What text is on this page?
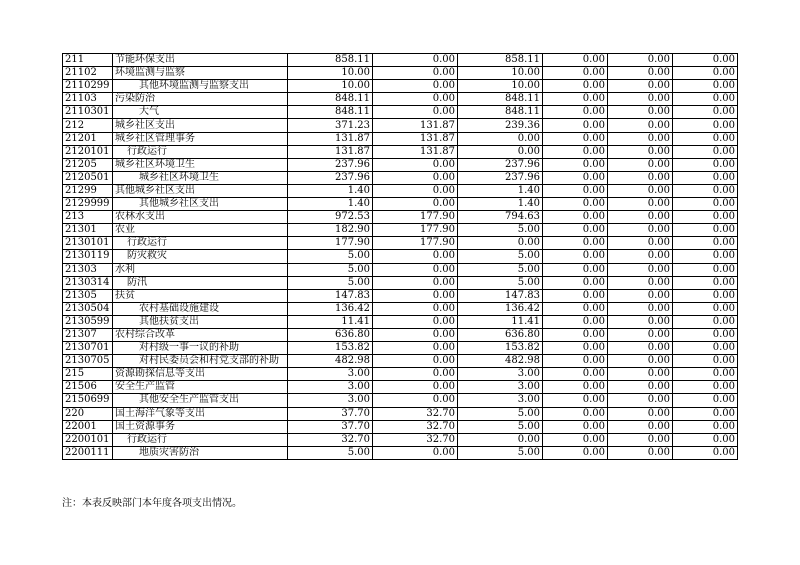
211	节能环保支出	858.11	0.00	858.11	0.00	0.00	0.00
21102	环境监测与监察	10.00	0.00	10.00	0.00	0.00	0.00
2110299	其他环境监测与监察支出	10.00	0.00	10.00	0.00	0.00	0.00
21103	污染防治	848.11	0.00	848.11	0.00	0.00	0.00
2110301	大气	848.11	0.00	848.11	0.00	0.00	0.00
212	城乡社区支出	371.23	131.87	239.36	0.00	0.00	0.00
21201	城乡社区管理事务	131.87	131.87	0.00	0.00	0.00	0.00
2120101	行政运行	131.87	131.87	0.00	0.00	0.00	0.00
21205	城乡社区环境卫生	237.96	0.00	237.96	0.00	0.00	0.00
2120501	城乡社区环境卫生	237.96	0.00	237.96	0.00	0.00	0.00
21299	其他城乡社区支出	1.40	0.00	1.40	0.00	0.00	0.00
2129999	其他城乡社区支出	1.40	0.00	1.40	0.00	0.00	0.00
213	农林水支出	972.53	177.90	794.63	0.00	0.00	0.00
21301	农业	182.90	177.90	5.00	0.00	0.00	0.00
2130101	行政运行	177.90	177.90	0.00	0.00	0.00	0.00
2130119	防灾救灾	5.00	0.00	5.00	0.00	0.00	0.00
21303	水利	5.00	0.00	5.00	0.00	0.00	0.00
2130314	防汛	5.00	0.00	5.00	0.00	0.00	0.00
21305	扶贫	147.83	0.00	147.83	0.00	0.00	0.00
2130504	农村基础设施建设	136.42	0.00	136.42	0.00	0.00	0.00
2130599	其他扶贫支出	11.41	0.00	11.41	0.00	0.00	0.00
21307	农村综合改革	636.80	0.00	636.80	0.00	0.00	0.00
2130701	对村级一事一议的补助	153.82	0.00	153.82	0.00	0.00	0.00
2130705	对村民委员会和村党支部的补助	482.98	0.00	482.98	0.00	0.00	0.00
215	资源勘探信息等支出	3.00	0.00	3.00	0.00	0.00	0.00
21506	安全生产监管	3.00	0.00	3.00	0.00	0.00	0.00
2150699	其他安全生产监管支出	3.00	0.00	3.00	0.00	0.00	0.00
220	国土海洋气象等支出	37.70	32.70	5.00	0.00	0.00	0.00
22001	国土资源事务	37.70	32.70	5.00	0.00	0.00	0.00
2200101	行政运行	32.70	32.70	0.00	0.00	0.00	0.00
2200111	地质灾害防治	5.00	0.00	5.00	0.00	0.00	0.00
注：本表反映部门本年度各项支出情况。
